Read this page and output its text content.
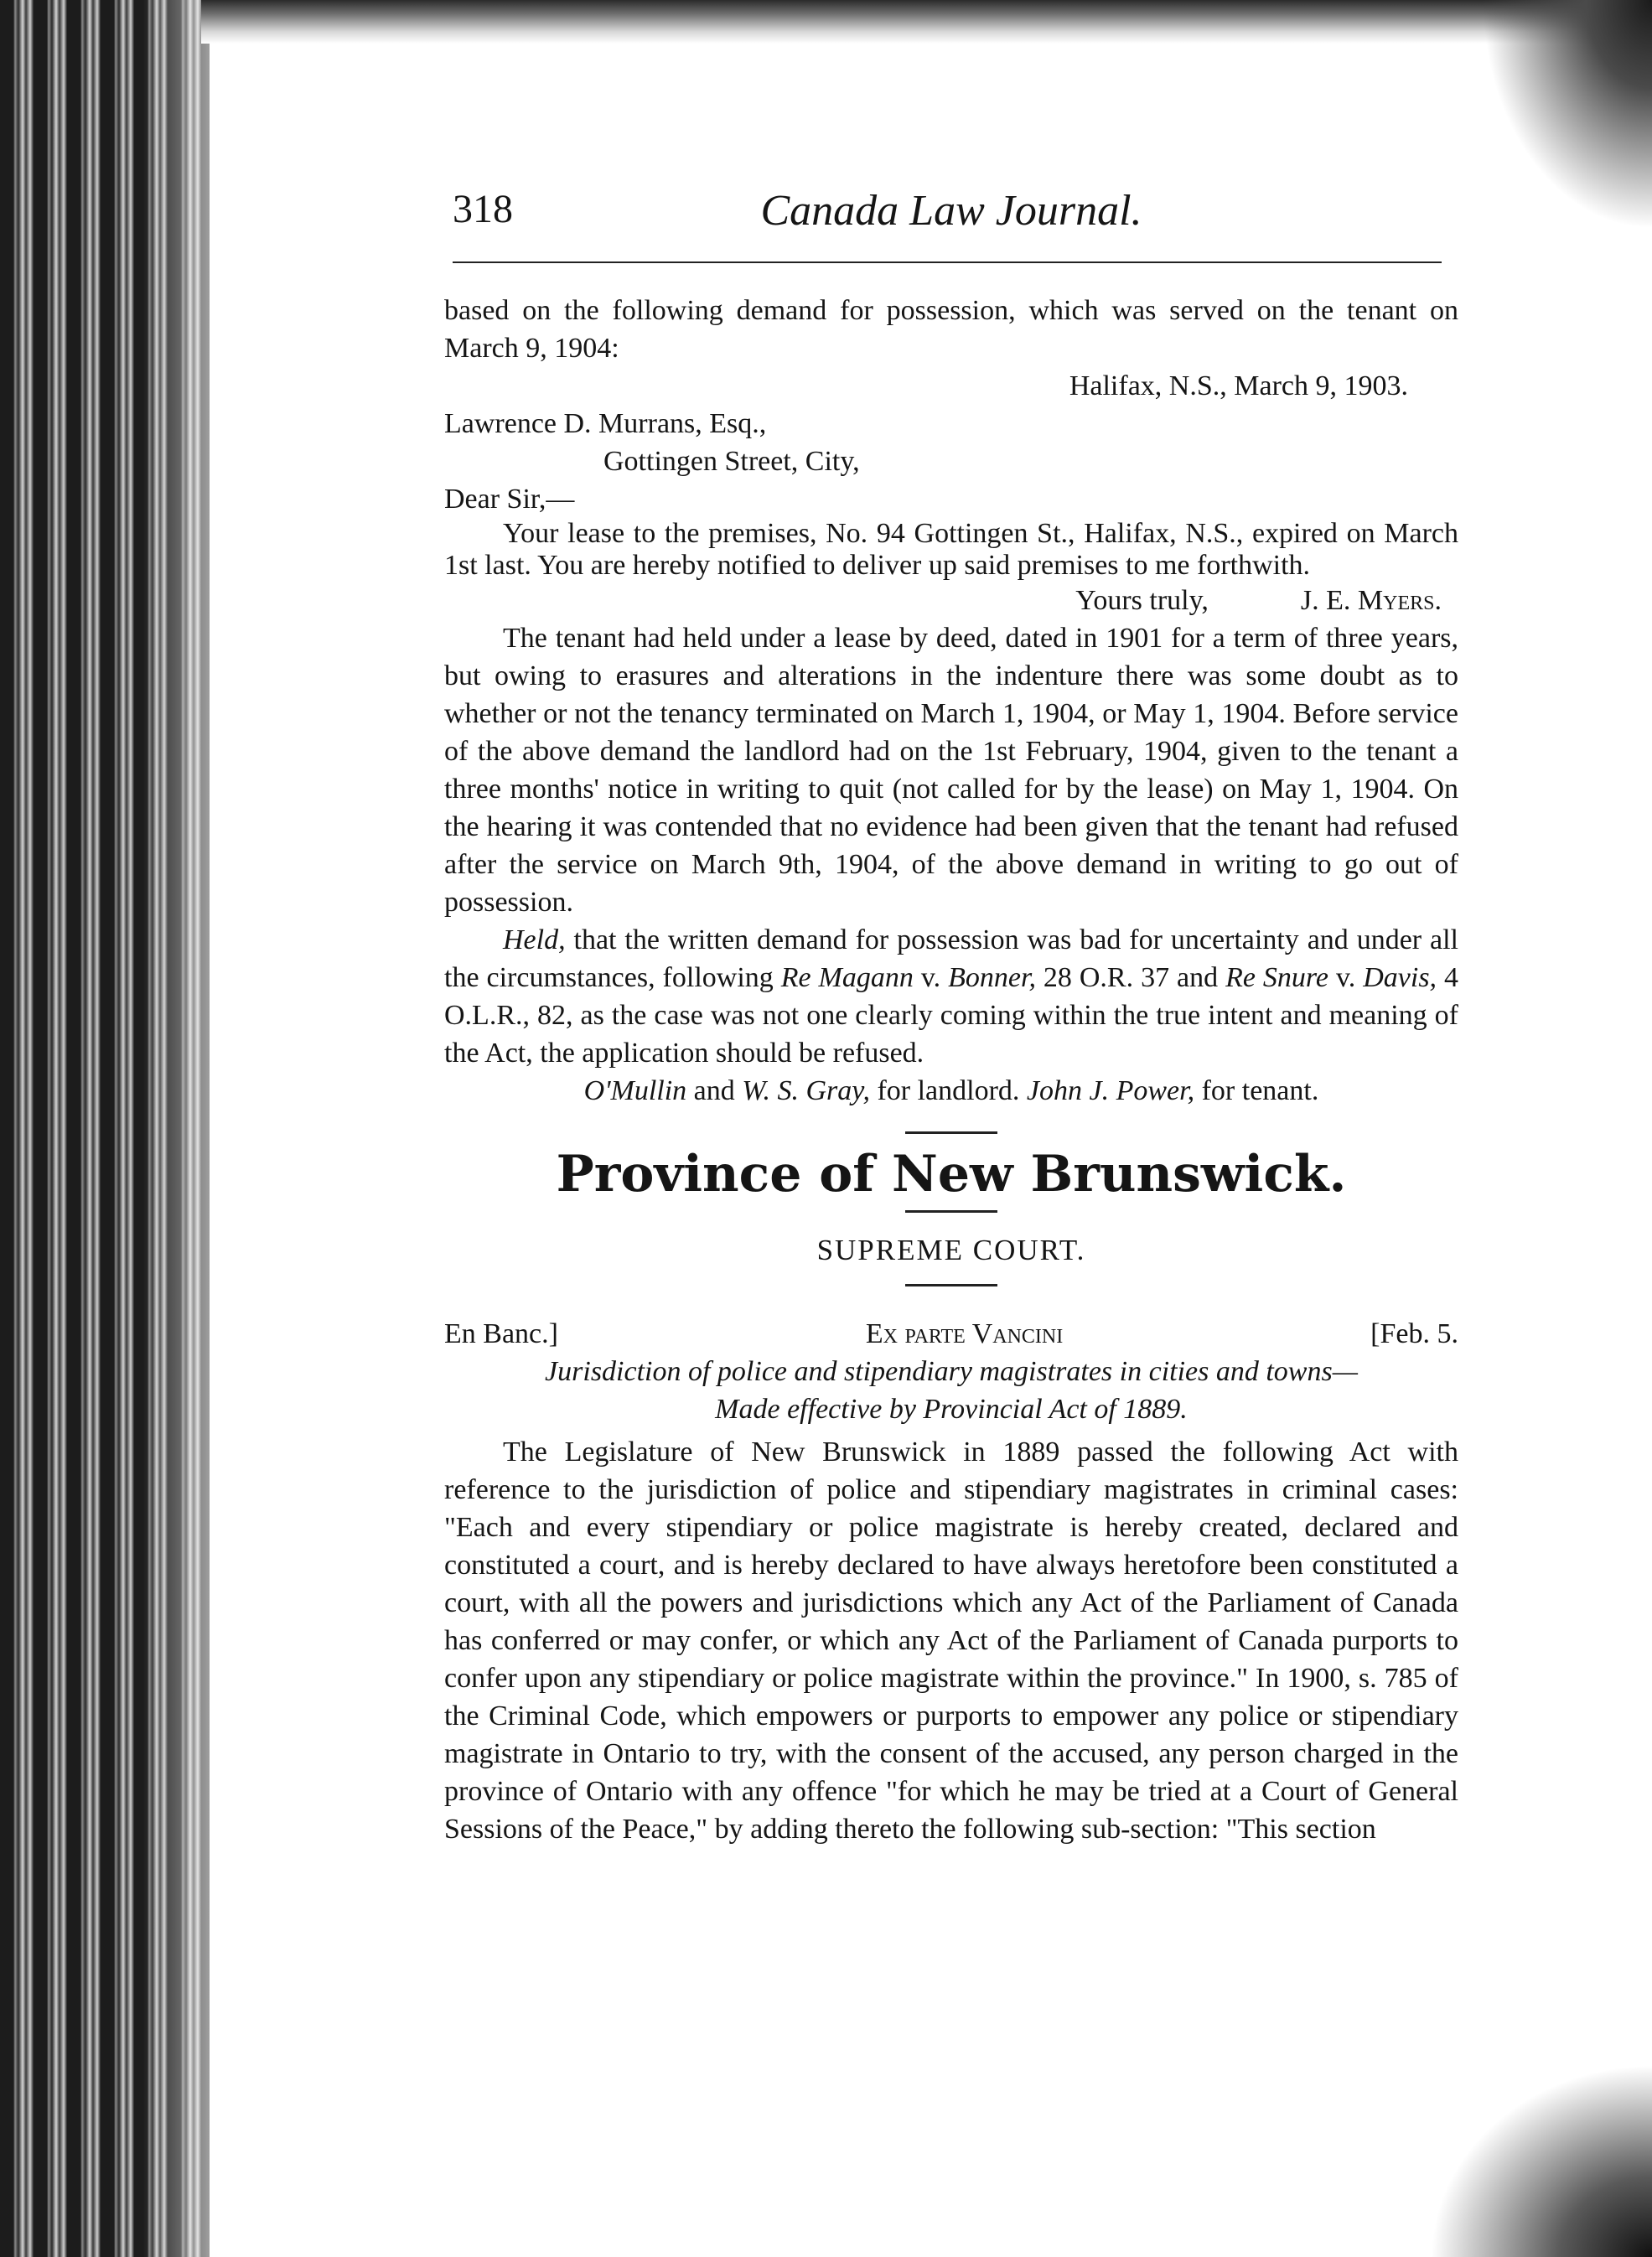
318	Canada Law Journal.

based on the following demand for possession, which was served on the tenant on March 9, 1904:

Halifax, N.S., March 9, 1903.

Lawrence D. Murrans, Esq.,

Gottingen Street, City,

Dear Sir,—

Your lease to the premises, No. 94 Gottingen St., Halifax, N.S., expired on March 1st last. You are hereby notified to deliver up said premises to me forthwith.

Yours truly,	J. E. Myers.

The tenant had held under a lease by deed, dated in 1901 for a term of three years, but owing to erasures and alterations in the indenture there was some doubt as to whether or not the tenancy terminated on March 1, 1904, or May 1, 1904. Before service of the above demand the landlord had on the 1st February, 1904, given to the tenant a three months' notice in writing to quit (not called for by the lease) on May 1, 1904. On the hearing it was contended that no evidence had been given that the tenant had refused after the service on March 9th, 1904, of the above demand in writing to go out of possession.

Held, that the written demand for possession was bad for uncertainty and under all the circumstances, following Re Magann v. Bonner, 28 O.R. 37 and Re Snure v. Davis, 4 O.L.R., 82, as the case was not one clearly coming within the true intent and meaning of the Act, the application should be refused.

O'Mullin and W. S. Gray, for landlord. John J. Power, for tenant.

Province of New Brunswick.
SUPREME COURT.
En Banc.]	Ex parte Vancini	[Feb. 5.

Jurisdiction of police and stipendiary magistrates in cities and towns—
Made effective by Provincial Act of 1889.

The Legislature of New Brunswick in 1889 passed the following Act with reference to the jurisdiction of police and stipendiary magistrates in criminal cases: "Each and every stipendiary or police magistrate is hereby created, declared and constituted a court, and is hereby declared to have always heretofore been constituted a court, with all the powers and jurisdictions which any Act of the Parliament of Canada has conferred or may confer, or which any Act of the Parliament of Canada purports to confer upon any stipendiary or police magistrate within the province." In 1900, s. 785 of the Criminal Code, which empowers or purports to empower any police or stipendiary magistrate in Ontario to try, with the consent of the accused, any person charged in the province of Ontario with any offence "for which he may be tried at a Court of General Sessions of the Peace," by adding thereto the following sub-section: "This section
